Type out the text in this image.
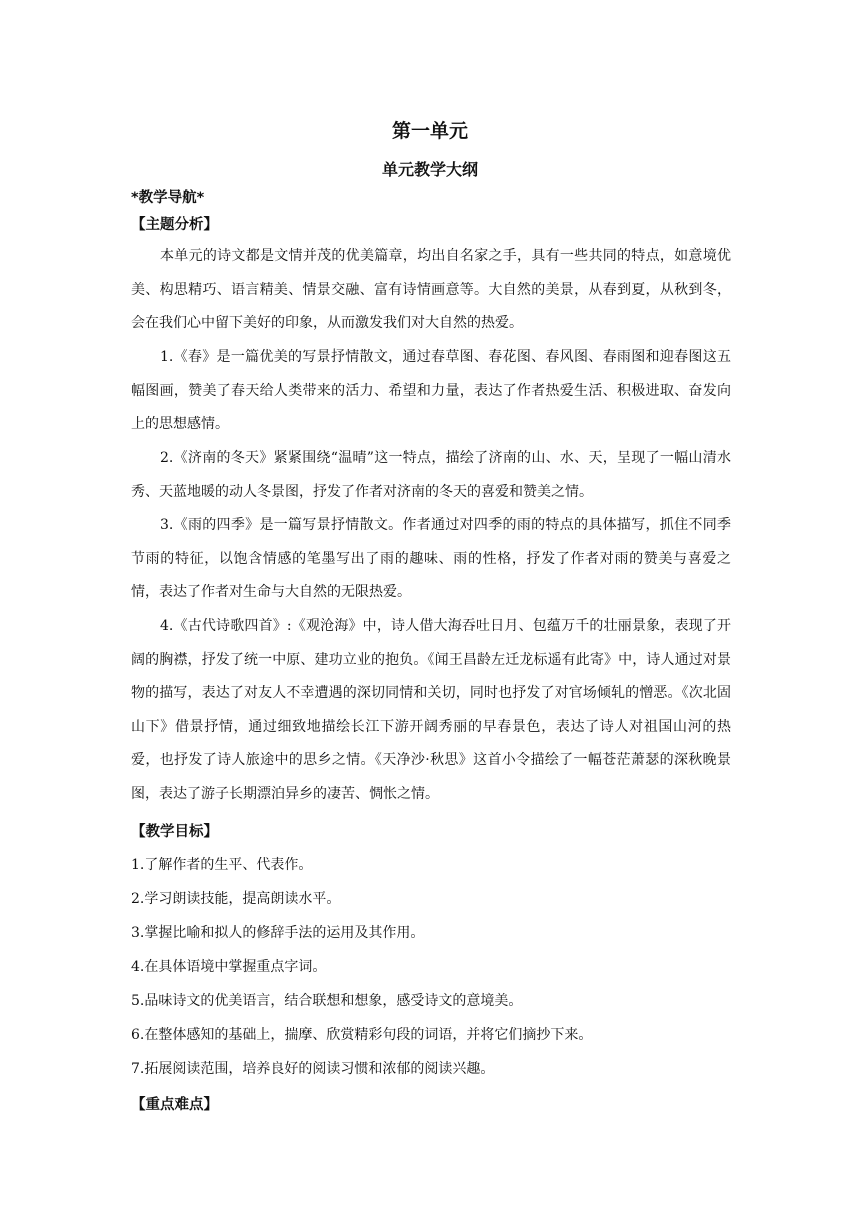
第一单元
单元教学大纲
*教学导航*
【主题分析】
本单元的诗文都是文情并茂的优美篇章，均出自名家之手，具有一些共同的特点，如意境优美、构思精巧、语言精美、情景交融、富有诗情画意等。大自然的美景，从春到夏，从秋到冬，会在我们心中留下美好的印象，从而激发我们对大自然的热爱。
1.《春》是一篇优美的写景抒情散文，通过春草图、春花图、春风图、春雨图和迎春图这五幅图画，赞美了春天给人类带来的活力、希望和力量，表达了作者热爱生活、积极进取、奋发向上的思想感情。
2.《济南的冬天》紧紧围绕“温晴”这一特点，描绘了济南的山、水、天，呈现了一幅山清水秀、天蓝地暖的动人冬景图，抒发了作者对济南的冬天的喜爱和赞美之情。
3.《雨的四季》是一篇写景抒情散文。作者通过对四季的雨的特点的具体描写，抓住不同季节雨的特征，以饱含情感的笔墨写出了雨的趣味、雨的性格，抒发了作者对雨的赞美与喜爱之情，表达了作者对生命与大自然的无限热爱。
4.《古代诗歌四首》:《观沧海》中，诗人借大海吞吐日月、包蕴万千的壮丽景象，表现了开阔的胸襟，抒发了统一中原、建功立业的抱负。《闻王昌龄左迁龙标遥有此寄》中，诗人通过对景物的描写，表达了对友人不幸遭遇的深切同情和关切，同时也抒发了对官场倾轧的憎恶。《次北固山下》借景抒情，通过细致地描绘长江下游开阔秀丽的早春景色，表达了诗人对祖国山河的热爱，也抒发了诗人旅途中的思乡之情。《天净沙·秋思》这首小令描绘了一幅苍茫萧瑟的深秋晚景图，表达了游子长期漂泊异乡的凄苦、惆怅之情。
【教学目标】
1.了解作者的生平、代表作。
2.学习朗读技能，提高朗读水平。
3.掌握比喻和拟人的修辞手法的运用及其作用。
4.在具体语境中掌握重点字词。
5.品味诗文的优美语言，结合联想和想象，感受诗文的意境美。
6.在整体感知的基础上，揣摩、欣赏精彩句段的词语，并将它们摘抄下来。
7.拓展阅读范围，培养良好的阅读习惯和浓郁的阅读兴趣。
【重点难点】
